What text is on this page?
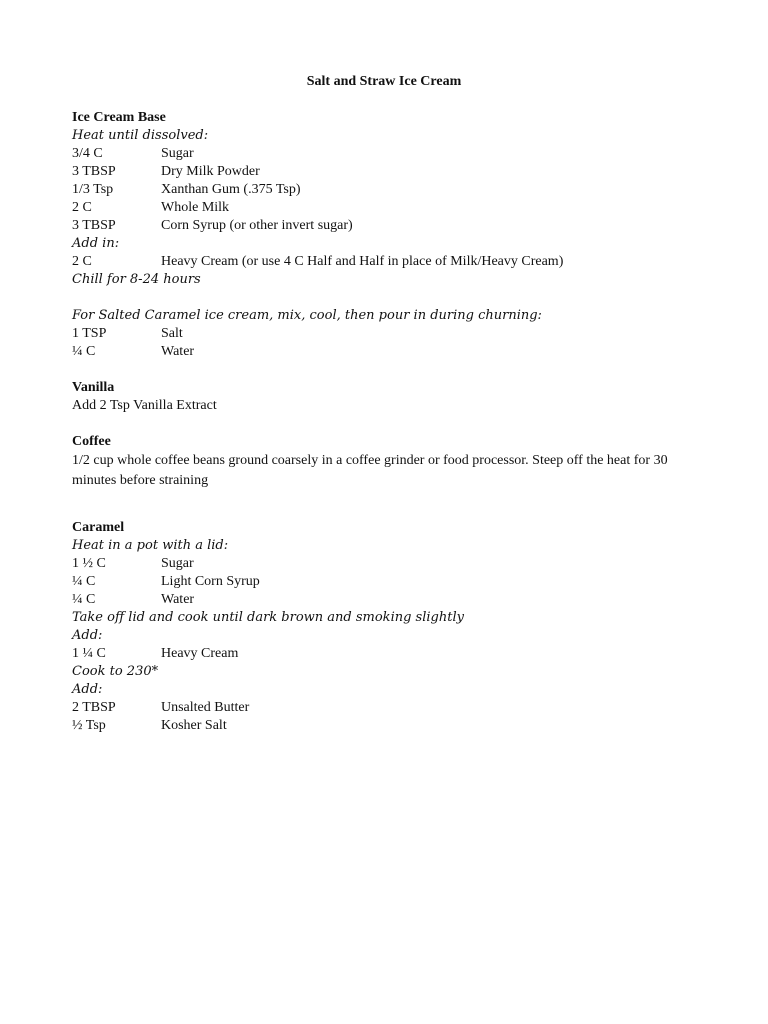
Salt and Straw Ice Cream
Ice Cream Base
Heat until dissolved:
3/4 C	Sugar
3 TBSP	Dry Milk Powder
1/3 Tsp	Xanthan Gum (.375 Tsp)
2 C	Whole Milk
3 TBSP	Corn Syrup (or other invert sugar)
Add in:
2 C	Heavy Cream (or use 4 C Half and Half in place of Milk/Heavy Cream)
Chill for 8-24 hours
For Salted Caramel ice cream, mix, cool, then pour in during churning:
1 TSP	Salt
¼ C	Water
Vanilla
Add 2 Tsp Vanilla Extract
Coffee
1/2 cup whole coffee beans ground coarsely in a coffee grinder or food processor. Steep off the heat for 30 minutes before straining
Caramel
Heat in a pot with a lid:
1 ½ C	Sugar
¼ C	Light Corn Syrup
¼ C	Water
Take off lid and cook until dark brown and smoking slightly
Add:
1 ¼ C	Heavy Cream
Cook to 230*
Add:
2 TBSP	Unsalted Butter
½ Tsp	Kosher Salt
